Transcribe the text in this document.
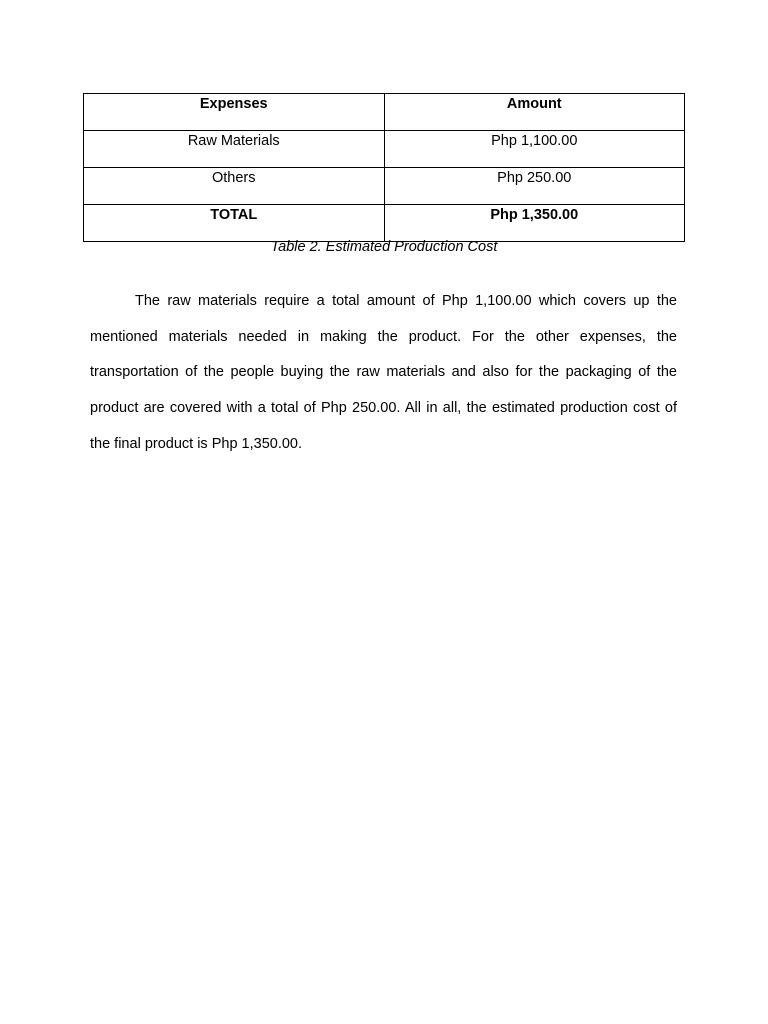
Expenses	Amount
Raw Materials	Php 1,100.00
Others	Php 250.00
TOTAL	Php 1,350.00
Table 2. Estimated Production Cost

The raw materials require a total amount of Php 1,100.00 which covers up the mentioned materials needed in making the product. For the other expenses, the transportation of the people buying the raw materials and also for the packaging of the product are covered with a total of Php 250.00. All in all, the estimated production cost of the final product is Php 1,350.00.
